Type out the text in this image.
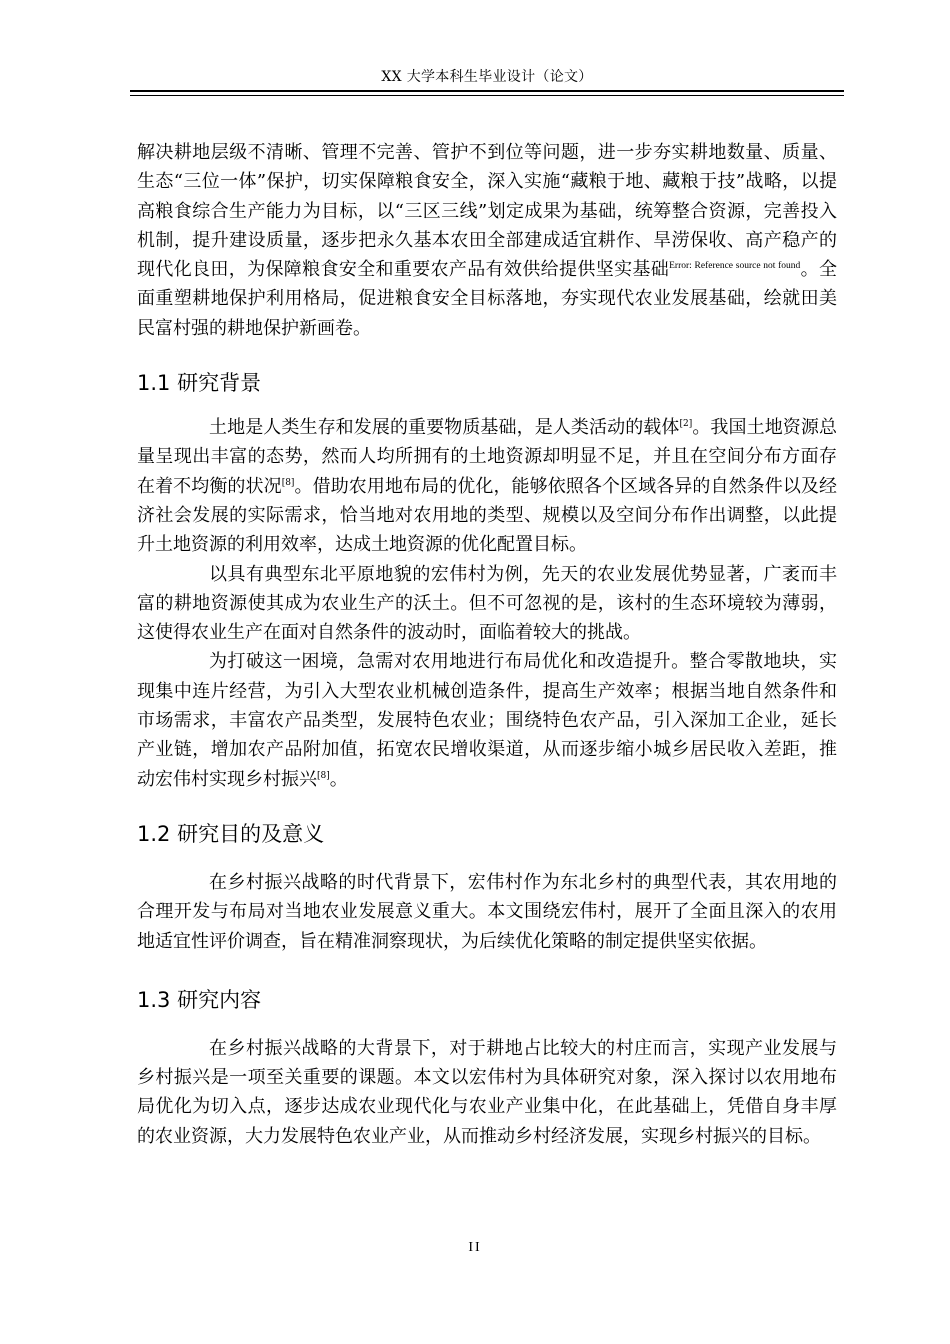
XX 大学本科生毕业设计（论文）

解决耕地层级不清晰、管理不完善、管护不到位等问题，进一步夯实耕地数量、质量、生态“三位一体”保护，切实保障粮食安全，深入实施“藏粮于地、藏粮于技”战略，以提高粮食综合生产能力为目标，以“三区三线”划定成果为基础，统筹整合资源，完善投入机制，提升建设质量，逐步把永久基本农田全部建成适宜耕作、旱涝保收、高产稳产的现代化良田，为保障粮食安全和重要农产品有效供给提供坚实基础$^{Error: Reference source not found}$。全面重塑耕地保护利用格局，促进粮食安全目标落地，夯实现代农业发展基础，绘就田美民富村强的耕地保护新画卷。

1.1 研究背景

土地是人类生存和发展的重要物质基础，是人类活动的载体[2]。我国土地资源总量呈现出丰富的态势，然而人均所拥有的土地资源却明显不足，并且在空间分布方面存在着不均衡的状况[8]。借助农用地布局的优化，能够依照各个区域各异的自然条件以及经济社会发展的实际需求，恰当地对农用地的类型、规模以及空间分布作出调整，以此提升土地资源的利用效率，达成土地资源的优化配置目标。

以具有典型东北平原地貌的宏伟村为例，先天的农业发展优势显著，广袤而丰富的耕地资源使其成为农业生产的沃土。但不可忽视的是，该村的生态环境较为薄弱，这使得农业生产在面对自然条件的波动时，面临着较大的挑战。

为打破这一困境，急需对农用地进行布局优化和改造提升。整合零散地块，实现集中连片经营，为引入大型农业机械创造条件，提高生产效率；根据当地自然条件和市场需求，丰富农产品类型，发展特色农业；围绕特色农产品，引入深加工企业，延长产业链，增加农产品附加值，拓宽农民增收渠道，从而逐步缩小城乡居民收入差距，推动宏伟村实现乡村振兴[8]。

1.2 研究目的及意义

在乡村振兴战略的时代背景下，宏伟村作为东北乡村的典型代表，其农用地的合理开发与布局对当地农业发展意义重大。本文围绕宏伟村，展开了全面且深入的农用地适宜性评价调查，旨在精准洞察现状，为后续优化策略的制定提供坚实依据。

1.3 研究内容

在乡村振兴战略的大背景下，对于耕地占比较大的村庄而言，实现产业发展与乡村振兴是一项至关重要的课题。本文以宏伟村为具体研究对象，深入探讨以农用地布局优化为切入点，逐步达成农业现代化与农业产业集中化，在此基础上，凭借自身丰厚的农业资源，大力发展特色农业产业，从而推动乡村经济发展，实现乡村振兴的目标。

II
